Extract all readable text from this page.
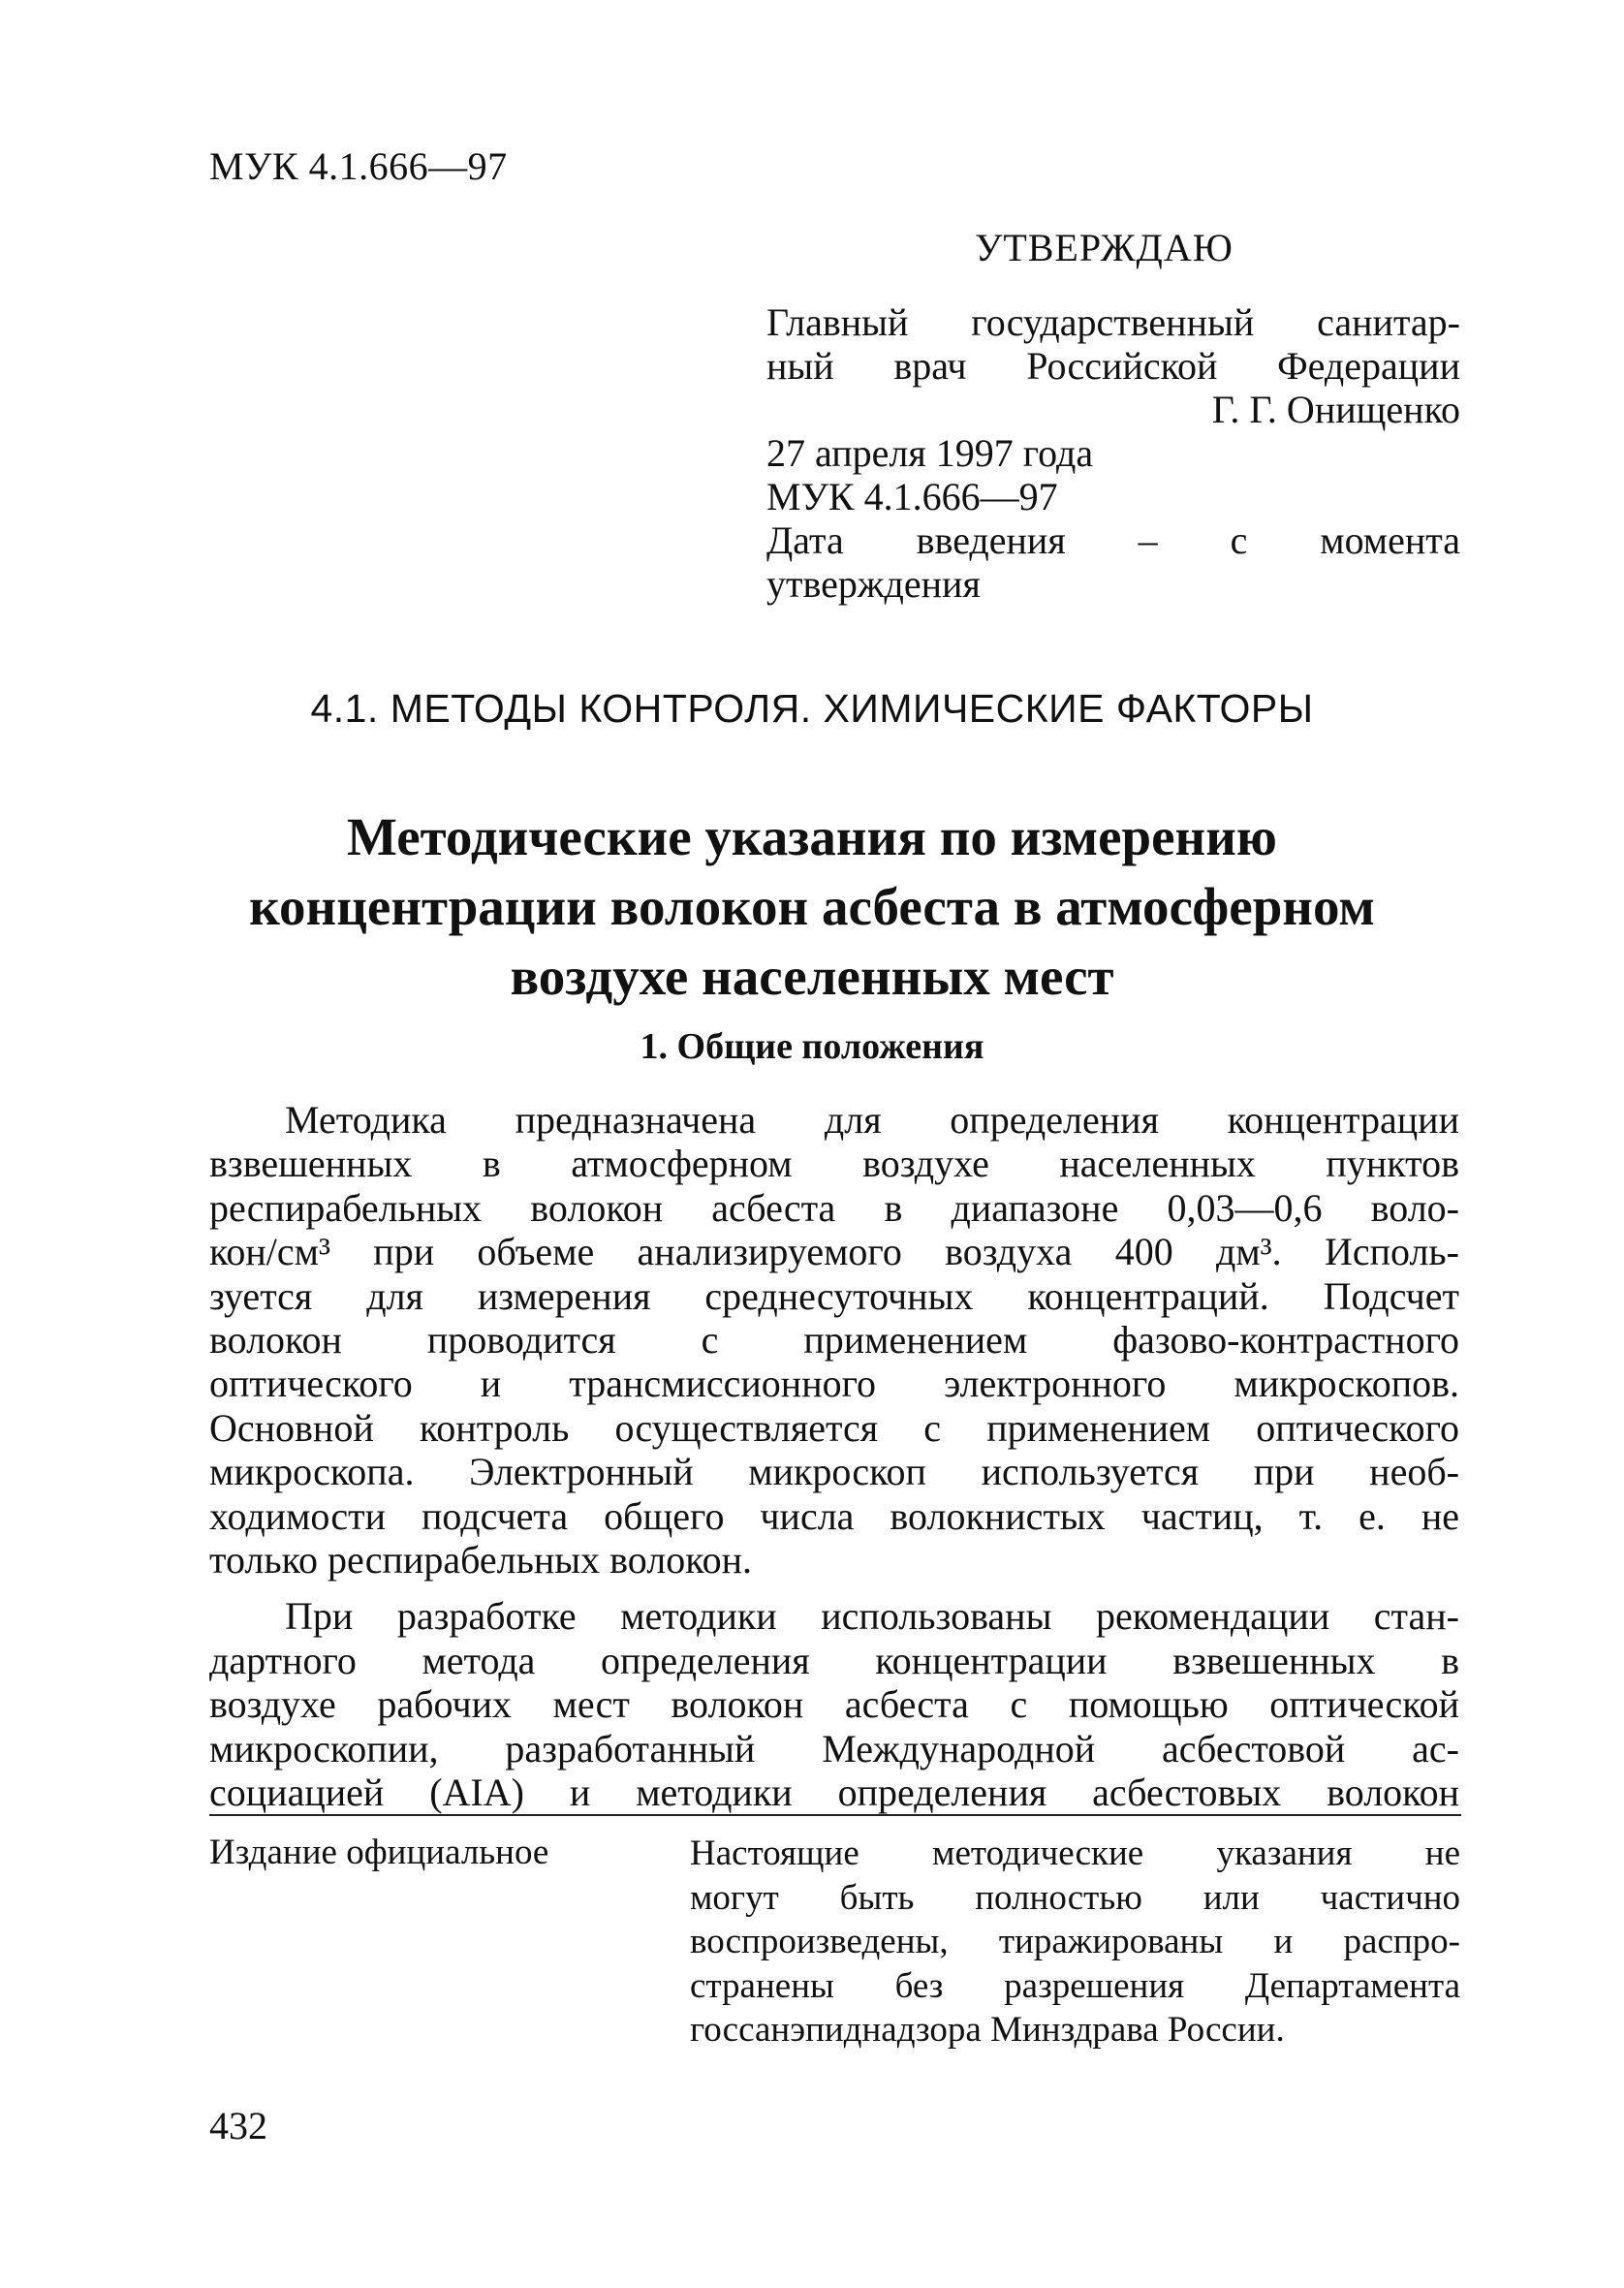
МУК 4.1.666—97
УТВЕРЖДАЮ
Главный государственный санитар-
ный врач Российской Федерации
Г. Г. Онищенко
27 апреля 1997 года
МУК 4.1.666—97
Дата введения – с момента
утверждения
4.1. МЕТОДЫ КОНТРОЛЯ. ХИМИЧЕСКИЕ ФАКТОРЫ
Методические указания по измерению
концентрации волокон асбеста в атмосферном
воздухе населенных мест
1. Общие положения
Методика предназначена для определения концентрации
взвешенных в атмосферном воздухе населенных пунктов
респирабельных волокон асбеста в диапазоне 0,03—0,6 воло-
кон/см³ при объеме анализируемого воздуха 400 дм³. Исполь-
зуется для измерения среднесуточных концентраций. Подсчет
волокон проводится с применением фазово-контрастного
оптического и трансмиссионного электронного микроскопов.
Основной контроль осуществляется с применением оптического
микроскопа. Электронный микроскоп используется при необ-
ходимости подсчета общего числа волокнистых частиц, т. е. не
только респирабельных волокон.
При разработке методики использованы рекомендации стан-
дартного метода определения концентрации взвешенных в
воздухе рабочих мест волокон асбеста с помощью оптической
микроскопии, разработанный Международной асбестовой ас-
социацией (AIA) и методики определения асбестовых волокон
Издание официальное	Настоящие методические указания не
могут быть полностью или частично
воспроизведены, тиражированы и распро-
странены без разрешения Департамента
госсанэпиднадзора Минздрава России.
432
